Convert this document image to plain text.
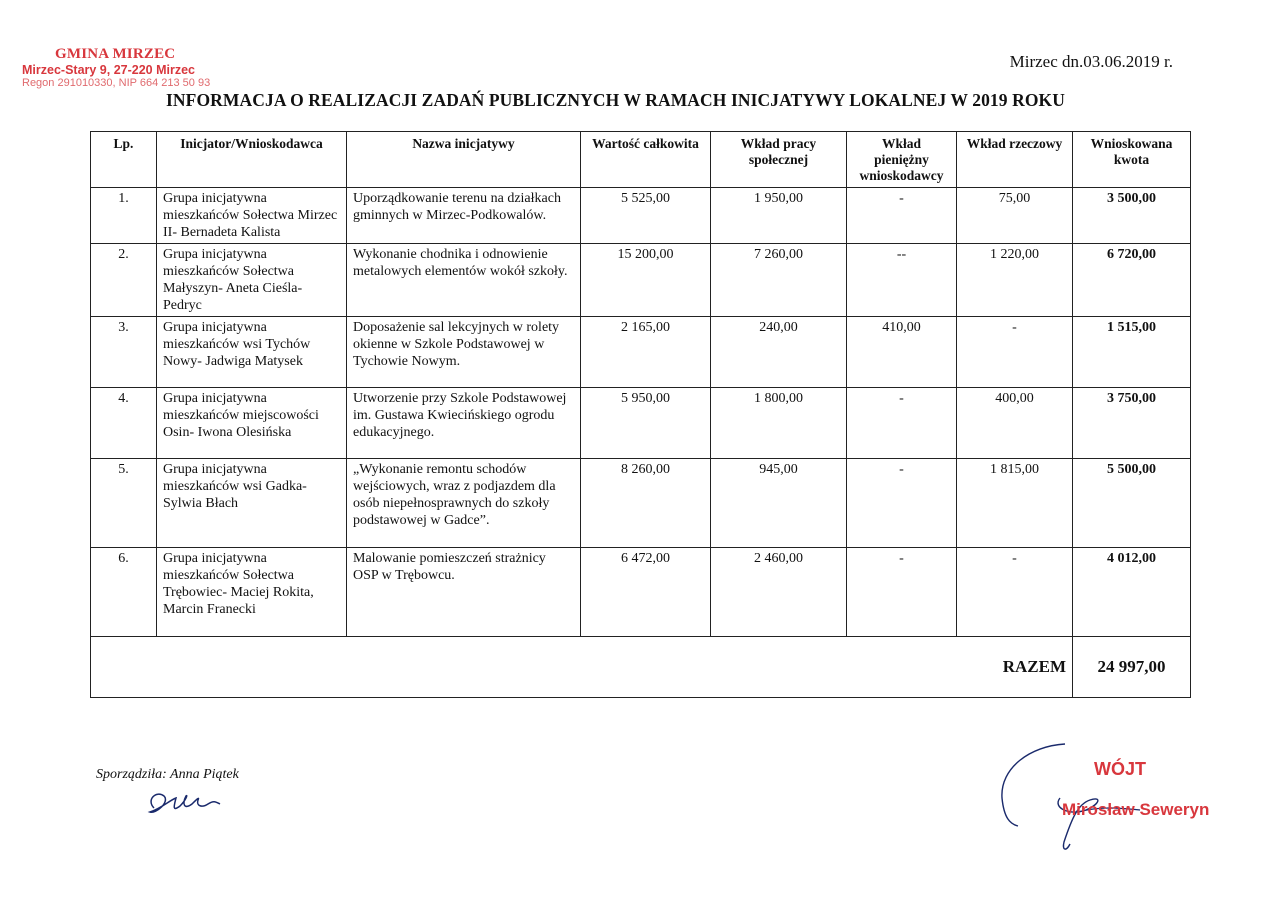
GMINA MIRZEC
Mirzec-Stary 9, 27-220 Mirzec
Regon 291010330, NIP 664 213 50 93
Mirzec dn.03.06.2019 r.
INFORMACJA O REALIZACJI ZADAŃ PUBLICZNYCH W RAMACH INICJATYWY LOKALNEJ W 2019 ROKU
Lp.	Inicjator/Wnioskodawca	Nazwa inicjatywy	Wartość całkowita	Wkład pracy społecznej	Wkład pieniężny wnioskodawcy	Wkład rzeczowy	Wnioskowana kwota
1.	Grupa inicjatywna mieszkańców Sołectwa Mirzec II- Bernadeta Kalista	Uporządkowanie terenu na działkach gminnych w Mirzec-Podkowalów.	5 525,00	1 950,00	-	75,00	3 500,00
2.	Grupa inicjatywna mieszkańców Sołectwa Małyszyn- Aneta Cieśla-Pedryc	Wykonanie chodnika i odnowienie metalowych elementów wokół szkoły.	15 200,00	7 260,00	--	1 220,00	6 720,00
3.	Grupa inicjatywna mieszkańców wsi Tychów Nowy- Jadwiga Matysek	Doposażenie sal lekcyjnych w rolety okienne w Szkole Podstawowej w Tychowie Nowym.	2 165,00	240,00	410,00	-	1 515,00
4.	Grupa inicjatywna mieszkańców miejscowości Osin- Iwona Olesińska	Utworzenie przy Szkole Podstawowej im. Gustawa Kwiecińskiego ogrodu edukacyjnego.	5 950,00	1 800,00	-	400,00	3 750,00
5.	Grupa inicjatywna mieszkańców wsi Gadka-Sylwia Błach	„Wykonanie remontu schodów wejściowych, wraz z podjazdem dla osób niepełnosprawnych do szkoły podstawowej w Gadce”.	8 260,00	945,00	-	1 815,00	5 500,00
6.	Grupa inicjatywna mieszkańców Sołectwa Trębowiec- Maciej Rokita, Marcin Franecki	Malowanie pomieszczeń strażnicy OSP w Trębowcu.	6 472,00	2 460,00	-	-	4 012,00
RAZEM							24 997,00
Sporządziła: Anna Piątek	WÓJT
Mirosław Seweryn
